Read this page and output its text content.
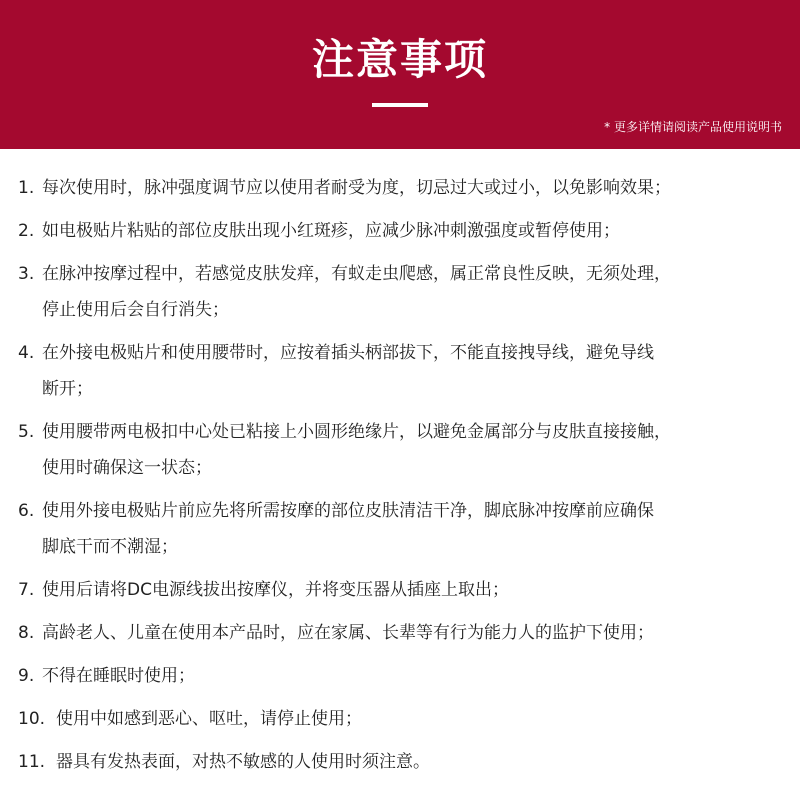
注意事项
* 更多详情请阅读产品使用说明书
1. 每次使用时，脉冲强度调节应以使用者耐受为度，切忌过大或过小，以免影响效果；
2. 如电极贴片粘贴的部位皮肤出现小红斑疹，应减少脉冲刺激强度或暂停使用；
3. 在脉冲按摩过程中，若感觉皮肤发痒，有蚁走虫爬感，属正常良性反映，无须处理，
停止使用后会自行消失；
4. 在外接电极贴片和使用腰带时，应按着插头柄部拔下，不能直接拽导线，避免导线
断开；
5. 使用腰带两电极扣中心处已粘接上小圆形绝缘片，以避免金属部分与皮肤直接接触，
使用时确保这一状态；
6. 使用外接电极贴片前应先将所需按摩的部位皮肤清洁干净，脚底脉冲按摩前应确保
脚底干而不潮湿；
7. 使用后请将DC电源线拔出按摩仪，并将变压器从插座上取出；
8. 高龄老人、儿童在使用本产品时，应在家属、长辈等有行为能力人的监护下使用；
9. 不得在睡眠时使用；
10. 使用中如感到恶心、呕吐，请停止使用；
11. 器具有发热表面，对热不敏感的人使用时须注意。
